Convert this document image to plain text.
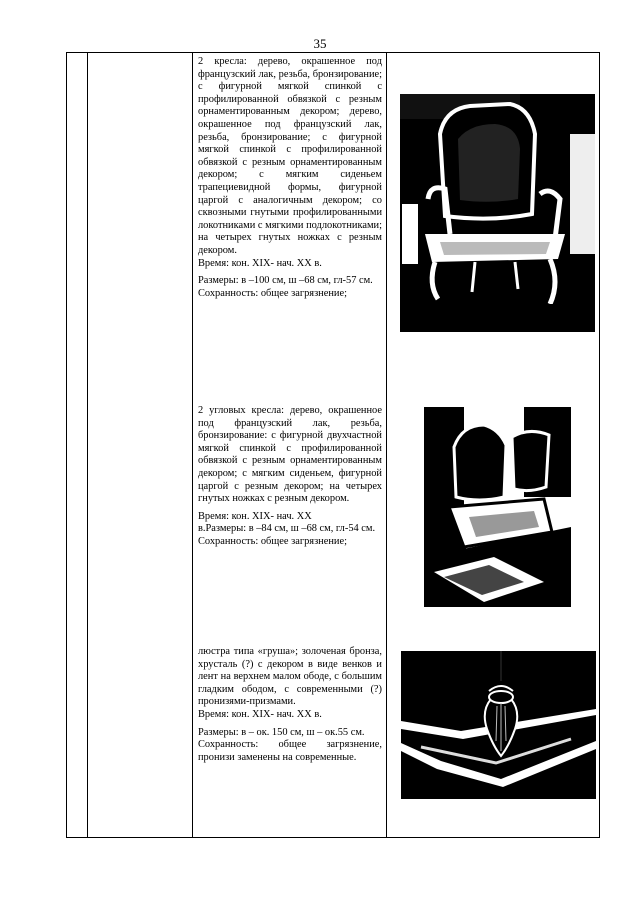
35

2 кресла: дерево, окрашенное под французский лак, резьба, бронзирование; с фигурной мягкой спинкой с профилированной обвязкой с резным орнаментированным декором; дерево, окрашенное под французский лак, резьба, бронзирование; с фигурной мягкой спинкой с профилированной обвязкой с резным орнаментированным декором; с мягким сиденьем трапециевидной формы, фигурной царгой с аналогичным декором; со сквозными гнутыми профилированными локотниками с мягкими подлокотниками; на четырех гнутых ножках с резным декором.

Время: кон. XIX- нач. XX в.

Размеры: в –100 см, ш –68 см, гл-57 см.

Сохранность: общее загрязнение;

2 угловых кресла: дерево, окрашенное под французский лак, резьба, бронзирование: с фигурной двухчастной мягкой спинкой с профилированной обвязкой с резным орнаментированным декором; с мягким сиденьем, фигурной царгой с резным декором; на четырех гнутых ножках с резным декором.

Время: кон. XIX- нач. XX

в.Размеры: в –84 см, ш –68 см, гл-54 см.

Сохранность: общее загрязнение;

люстра типа «груша»; золоченая бронза, хрусталь (?) с декором в виде венков и лент на верхнем малом ободе, с большим гладким ободом, с современными (?) пронизями-призмами.

Время: кон. XIX- нач. XX в.

Размеры: в – ок. 150 см, ш – ок.55 см.

Сохранность: общее загрязнение, пронизи заменены на современные.
